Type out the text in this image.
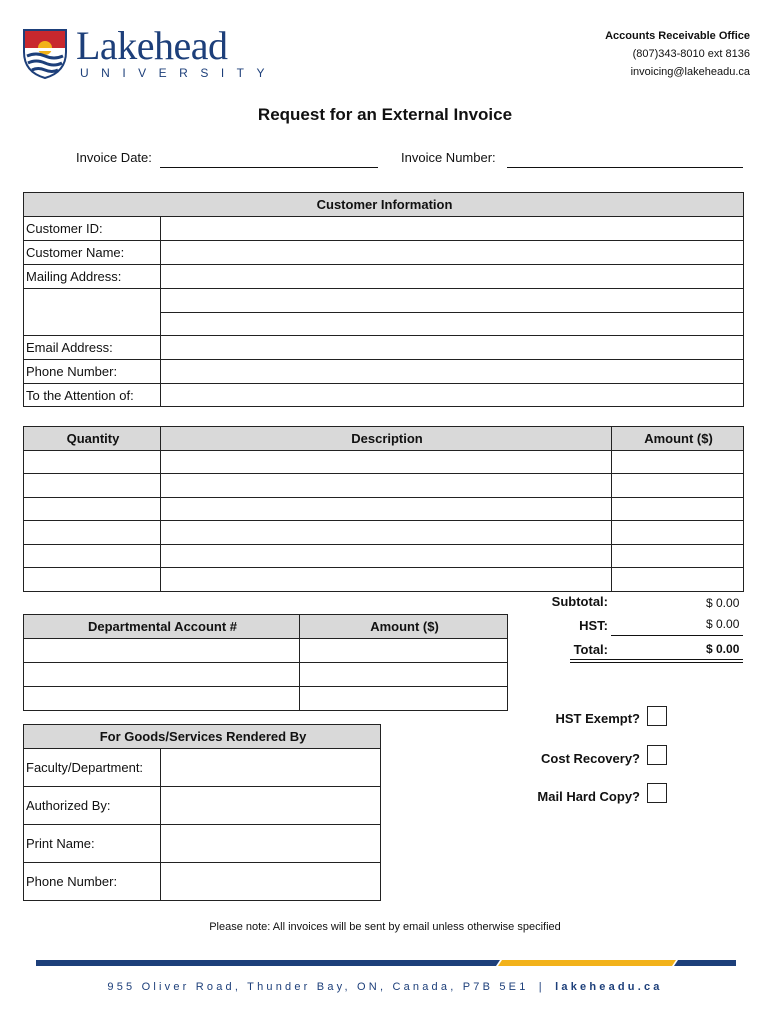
Lakehead
UNIVERSITY
Accounts Receivable Office
(807)343-8010 ext 8136
invoicing@lakeheadu.ca
Request for an External Invoice
Invoice Date:	Invoice Number:
Customer Information	
Customer ID:	
Customer Name:	
Mailing Address:	

Email Address:	
Phone Number:	
To the Attention of:	
Quantity	Description	Amount ($)

Subtotal:	$ 0.00
HST:	$ 0.00
Total:	$ 0.00
Departmental Account #	Amount ($)

HST Exempt?
Cost Recovery?
Mail Hard Copy?
For Goods/Services Rendered By	
Faculty/Department:	
Authorized By:	
Print Name:	
Phone Number:	
Please note: All invoices will be sent by email unless otherwise specified
955 Oliver Road, Thunder Bay, ON, Canada, P7B 5E1 | lakeheadu.ca
